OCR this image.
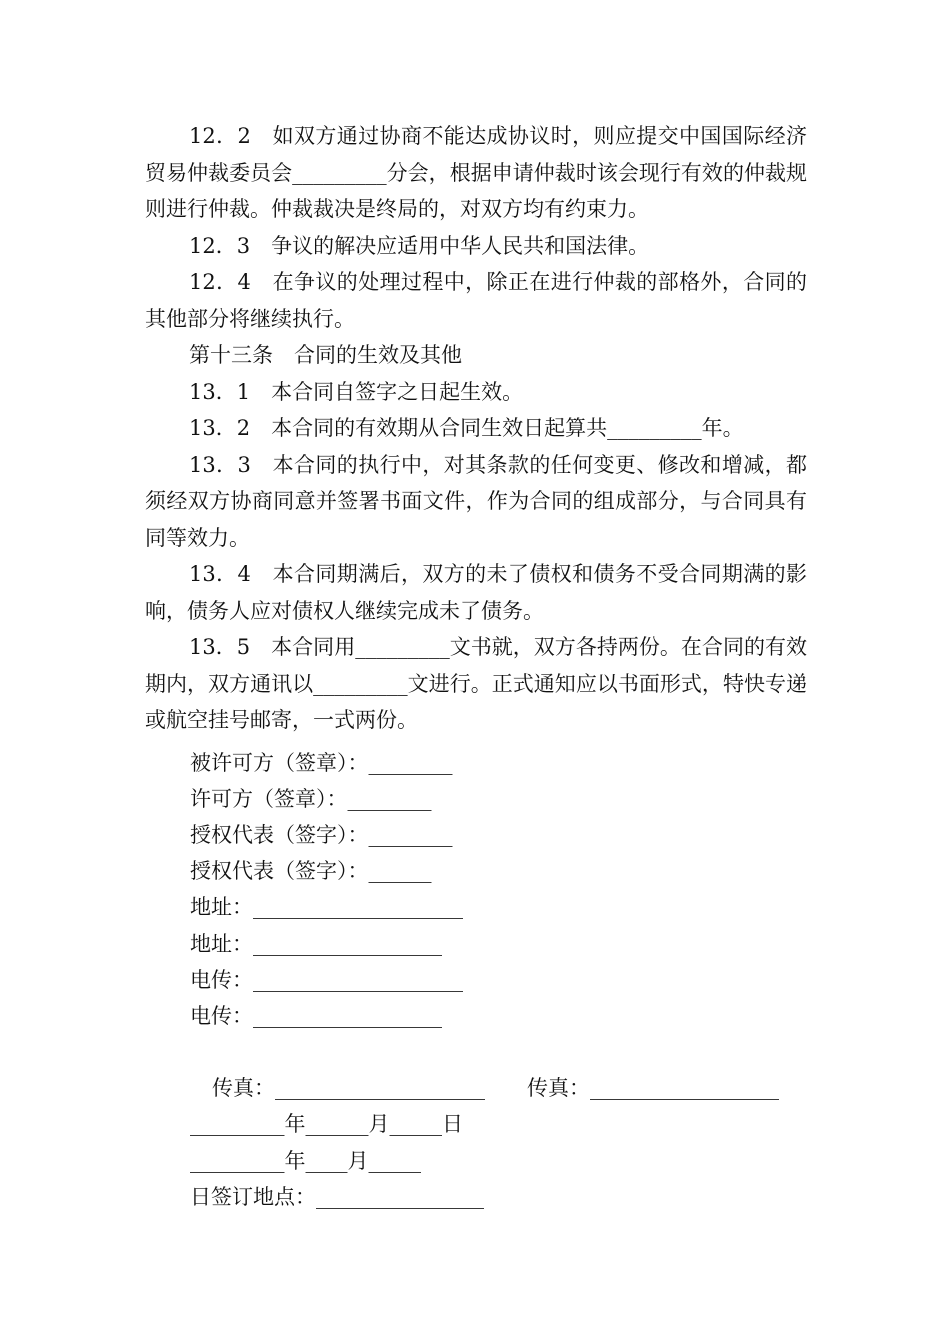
12．2　如双方通过协商不能达成协议时，则应提交中国国际经济贸易仲裁委员会_________分会，根据申请仲裁时该会现行有效的仲裁规则进行仲裁。仲裁裁决是终局的，对双方均有约束力。

12．3　争议的解决应适用中华人民共和国法律。

12．4　在争议的处理过程中，除正在进行仲裁的部格外，合同的其他部分将继续执行。

第十三条　合同的生效及其他

13．1　本合同自签字之日起生效。

13．2　本合同的有效期从合同生效日起算共_________年。

13．3　本合同的执行中，对其条款的任何变更、修改和增减，都须经双方协商同意并签署书面文件，作为合同的组成部分，与合同具有同等效力。

13．4　本合同期满后，双方的未了债权和债务不受合同期满的影响，债务人应对债权人继续完成未了债务。

13．5　本合同用_________文书就，双方各持两份。在合同的有效期内，双方通讯以_________文进行。正式通知应以书面形式，特快专递或航空挂号邮寄，一式两份。

被许可方（签章）：________
许可方（签章）：________
授权代表（签字）：________
授权代表（签字）：______
地址：____________________
地址：__________________
电传：____________________
电传：__________________
传真：____________________　　传真：__________________
_________年______月_____日
_________年____月_____
日签订地点：________________
